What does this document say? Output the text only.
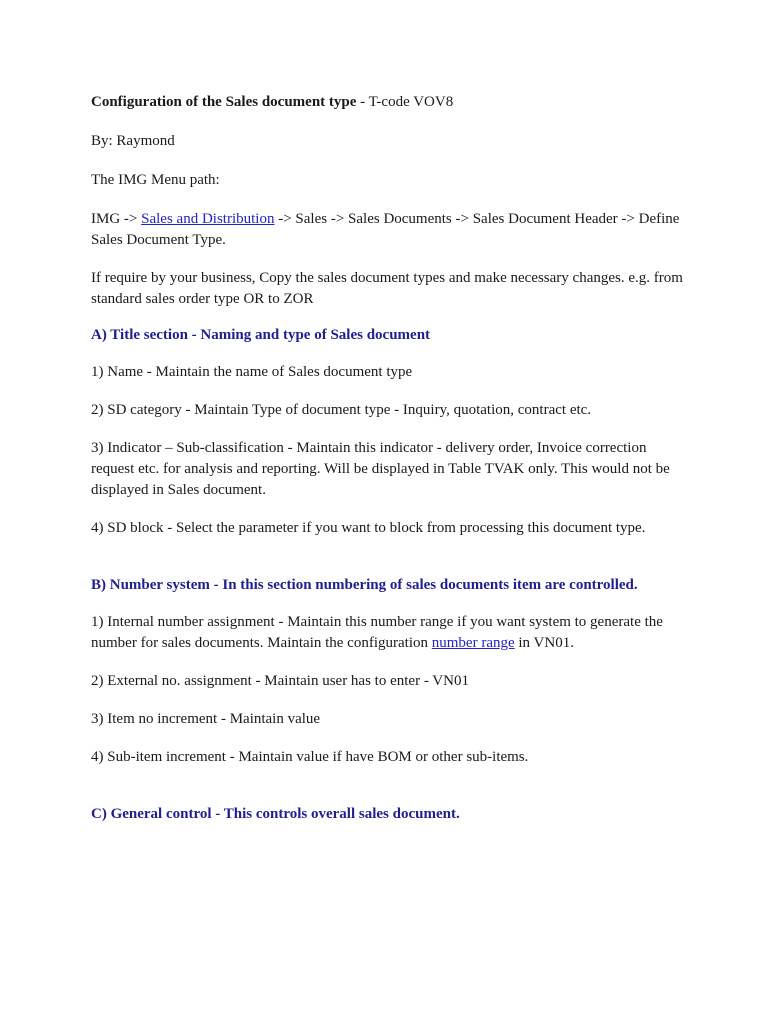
Configuration of the Sales document type - T-code VOV8

By: Raymond

The IMG Menu path:

IMG -> Sales and Distribution -> Sales -> Sales Documents -> Sales Document Header -> Define Sales Document Type.

If require by your business, Copy the sales document types and make necessary changes. e.g. from standard sales order type OR to ZOR

A) Title section - Naming and type of Sales document

1) Name - Maintain the name of Sales document type

2) SD category - Maintain Type of document type - Inquiry, quotation, contract etc.

3) Indicator – Sub-classification - Maintain this indicator - delivery order, Invoice correction request etc. for analysis and reporting. Will be displayed in Table TVAK only. This would not be displayed in Sales document.

4) SD block - Select the parameter if you want to block from processing this document type.

B) Number system - In this section numbering of sales documents item are controlled.

1) Internal number assignment - Maintain this number range if you want system to generate the number for sales documents. Maintain the configuration number range in VN01.

2) External no. assignment - Maintain user has to enter - VN01

3) Item no increment - Maintain value

4) Sub-item increment - Maintain value if have BOM or other sub-items.

C) General control - This controls overall sales document.
